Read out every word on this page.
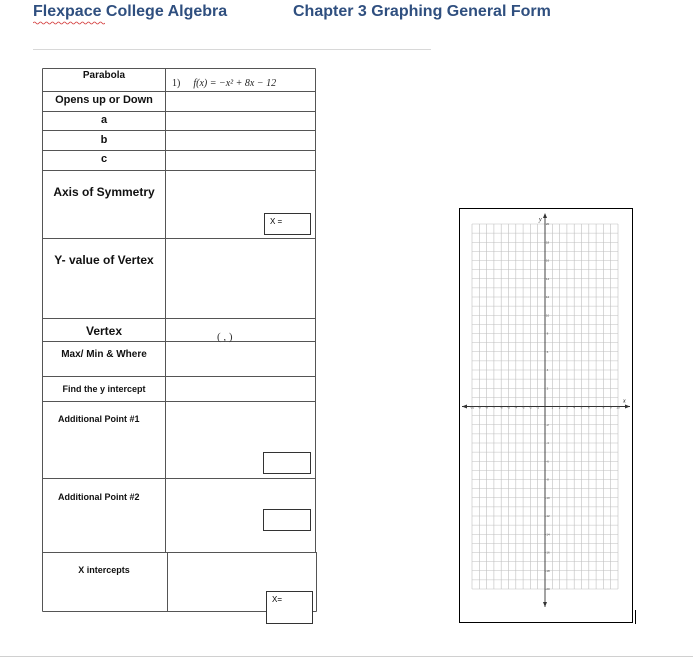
Flexpace College Algebra	Chapter 3 Graphing General Form
Parabola
Opens up or Down
a
b
c
Axis of Symmetry
Y- value of Vertex
Vertex
Max/ Min & Where
Find the y intercept
Additional Point #1
Additional Point #2
X intercepts
1) f(x) = −x² + 8x − 12
X =
( , )
X=
-10 -9 -8 -7 -6 -5 -4 -3 -2 -1	1 2 3 4 5 6 7 8 9 10
-20
-18
-16
-14
-12
-10
-8
-6
-4
-2
2
4
6
8
10
12
14
16
18
20
x
y
